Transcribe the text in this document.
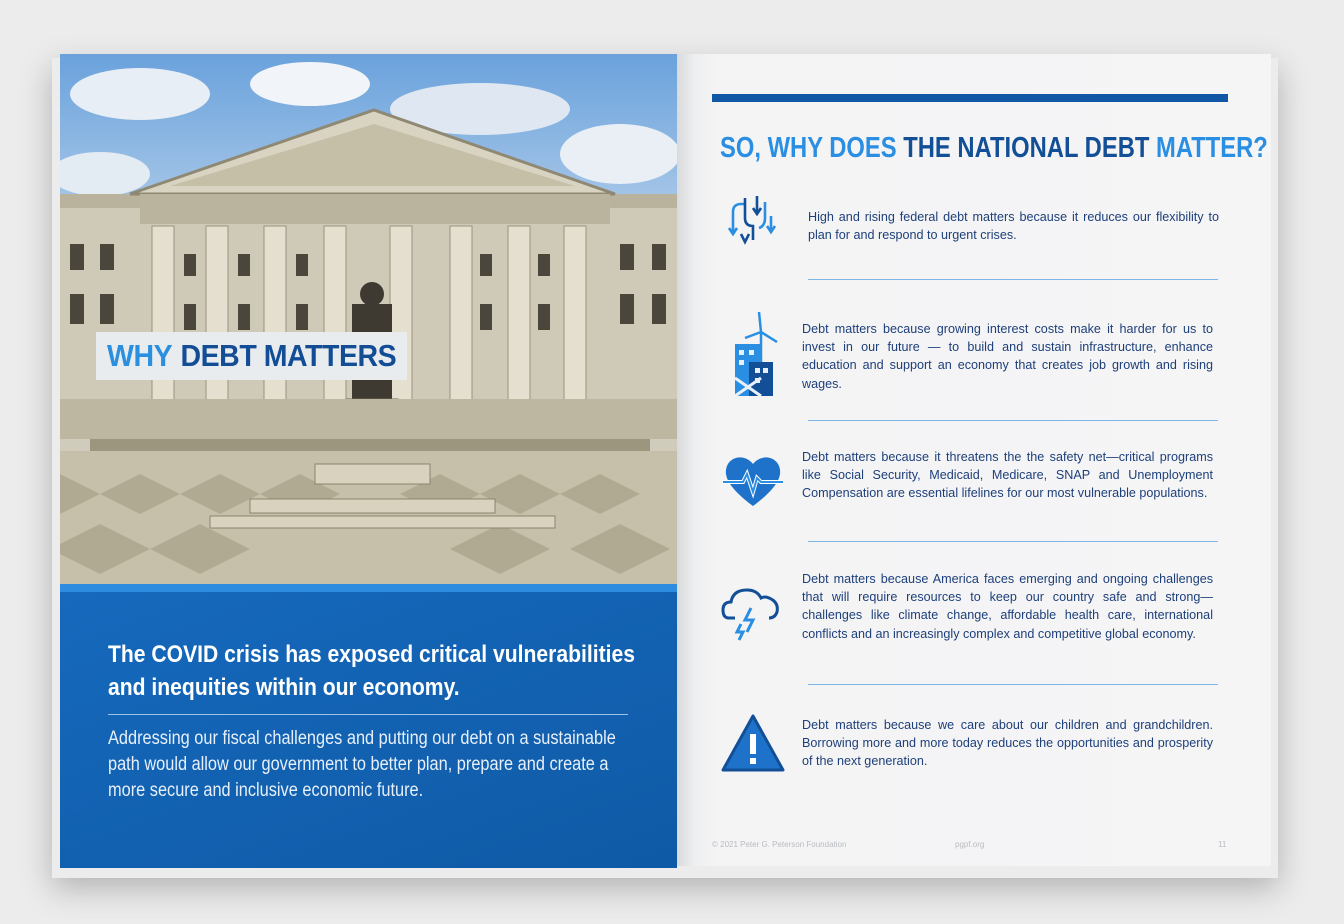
WHY DEBT MATTERS
The COVID crisis has exposed critical vulnerabilities and inequities within our economy.
Addressing our fiscal challenges and putting our debt on a sustainable path would allow our government to better plan, prepare and create a more secure and inclusive economic future.
SO, WHY DOES THE NATIONAL DEBT MATTER?
High and rising federal debt matters because it reduces our flexibility to plan for and respond to urgent crises.
Debt matters because growing interest costs make it harder for us to invest in our future — to build and sustain infrastructure, enhance education and support an economy that creates job growth and rising wages.
Debt matters because it threatens the the safety net—critical programs like Social Security, Medicaid, Medicare, SNAP and Unemployment Compensation are essential lifelines for our most vulnerable populations.
Debt matters because America faces emerging and ongoing challenges that will require resources to keep our country safe and strong—challenges like climate change, affordable health care, international conflicts and an increasingly complex and competitive global economy.
Debt matters because we care about our children and grandchildren. Borrowing more and more today reduces the opportunities and prosperity of the next generation.
© 2021 Peter G. Peterson Foundation	pgpf.org	11
